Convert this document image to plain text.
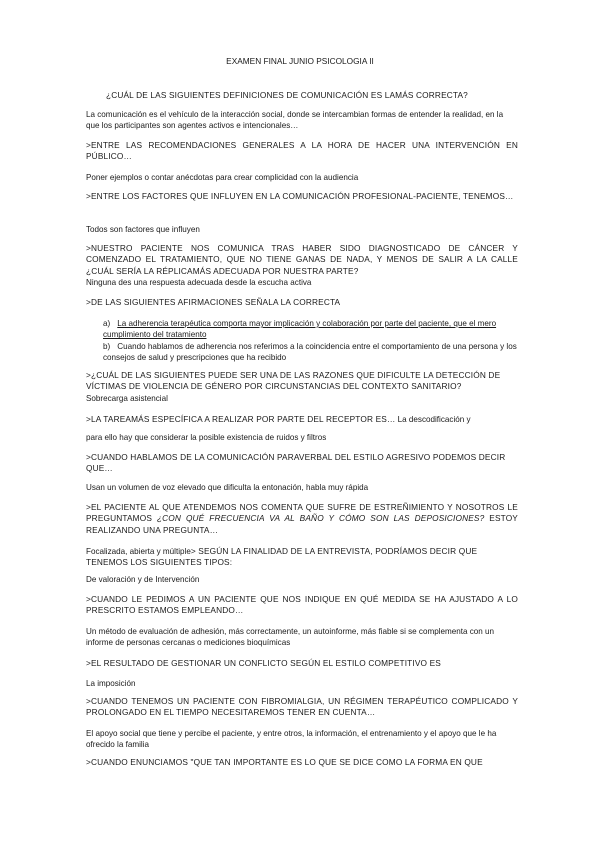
EXAMEN FINAL JUNIO PSICOLOGIA II
¿CUÁL DE LAS SIGUIENTES DEFINICIONES DE COMUNICACIÓN ES LAMÁS CORRECTA?
La comunicación es el vehículo de la interacción social, donde se intercambian formas de entender la realidad, en la que los participantes son agentes activos e intencionales…
>ENTRE LAS RECOMENDACIONES GENERALES A LA HORA DE HACER UNA INTERVENCIÓN EN PÚBLICO…
Poner ejemplos o contar anécdotas para crear complicidad con la audiencia
>ENTRE LOS FACTORES QUE INFLUYEN EN LA COMUNICACIÓN PROFESIONAL-PACIENTE, TENEMOS…
Todos son factores que influyen
>NUESTRO PACIENTE NOS COMUNICA TRAS HABER SIDO DIAGNOSTICADO DE CÁNCER Y COMENZADO EL TRATAMIENTO, QUE NO TIENE GANAS DE NADA, Y MENOS DE SALIR A LA CALLE ¿CUÁL SERÍA LA RÉPLICAMÁS ADECUADA POR NUESTRA PARTE?
Ninguna des una respuesta adecuada desde la escucha activa
>DE LAS SIGUIENTES AFIRMACIONES SEÑALA LA CORRECTA
a) La adherencia terapéutica comporta mayor implicación y colaboración por parte del paciente, que el mero cumplimiento del tratamiento
b) Cuando hablamos de adherencia nos referimos a la coincidencia entre el comportamiento de una persona y los consejos de salud y prescripciones que ha recibido
>¿CUÁL DE LAS SIGUIENTES PUEDE SER UNA DE LAS RAZONES QUE DIFICULTE LA DETECCIÓN DE VÍCTIMAS DE VIOLENCIA DE GÉNERO POR CIRCUNSTANCIAS DEL CONTEXTO SANITARIO?
Sobrecarga asistencial
>LA TAREAMÁS ESPECÍFICA A REALIZAR POR PARTE DEL RECEPTOR ES… La descodificación y
para ello hay que considerar la posible existencia de ruidos y filtros
>CUANDO HABLAMOS DE LA COMUNICACIÓN PARAVERBAL DEL ESTILO AGRESIVO PODEMOS DECIR QUE…
Usan un volumen de voz elevado que dificulta la entonación, habla muy rápida
>EL PACIENTE AL QUE ATENDEMOS NOS COMENTA QUE SUFRE DE ESTREÑIMIENTO Y NOSOTROS LE PREGUNTAMOS ¿CON QUÉ FRECUENCIA VA AL BAÑO Y CÓMO SON LAS DEPOSICIONES? ESTOY REALIZANDO UNA PREGUNTA…
Focalizada, abierta y múltiple> SEGÚN LA FINALIDAD DE LA ENTREVISTA, PODRÍAMOS DECIR QUE TENEMOS LOS SIGUIENTES TIPOS:
De valoración y de Intervención
>CUANDO LE PEDIMOS A UN PACIENTE QUE NOS INDIQUE EN QUÉ MEDIDA SE HA AJUSTADO A LO PRESCRITO ESTAMOS EMPLEANDO…
Un método de evaluación de adhesión, más correctamente, un autoinforme, más fiable si se complementa con un informe de personas cercanas o mediciones bioquímicas
>EL RESULTADO DE GESTIONAR UN CONFLICTO SEGÚN EL ESTILO COMPETITIVO ES
La imposición
>CUANDO TENEMOS UN PACIENTE CON FIBROMIALGIA, UN RÉGIMEN TERAPÉUTICO COMPLICADO Y PROLONGADO EN EL TIEMPO NECESITAREMOS TENER EN CUENTA…
El apoyo social que tiene y percibe el paciente, y entre otros, la información, el entrenamiento y el apoyo que le ha ofrecido la familia
>CUANDO ENUNCIAMOS "QUE TAN IMPORTANTE ES LO QUE SE DICE COMO LA FORMA EN QUE
